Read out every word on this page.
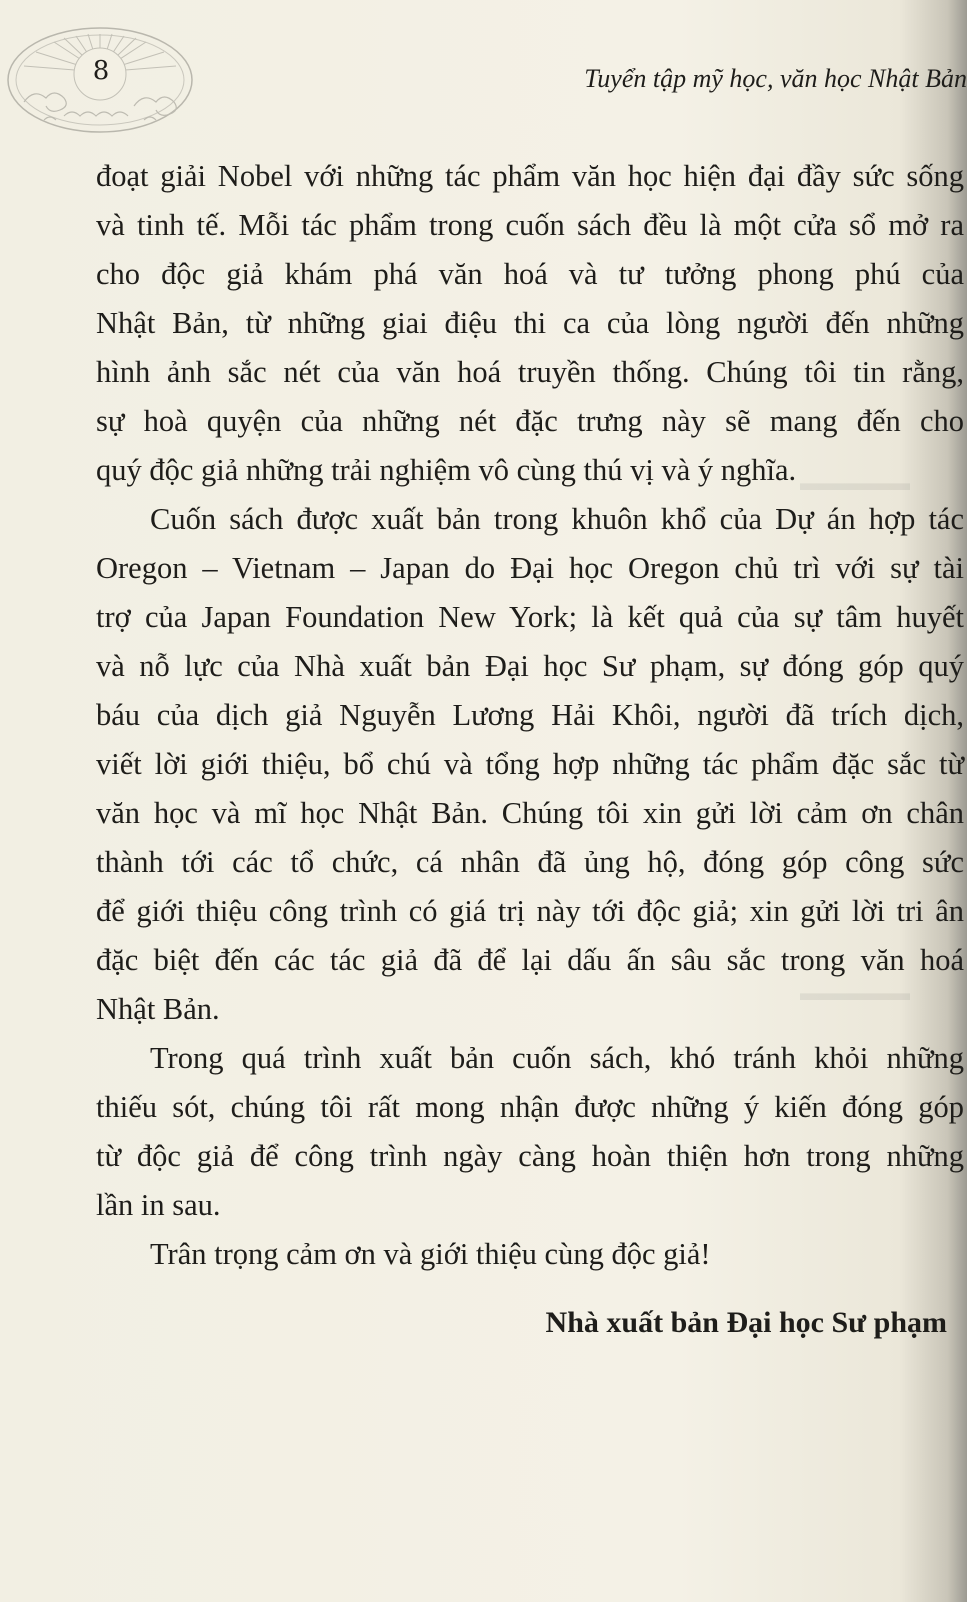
8	Tuyển tập mỹ học, văn học Nhật Bản
▬▬▬▬▬
▬▬▬▬▬
đoạt giải Nobel với những tác phẩm văn học hiện đại đầy sức sống
và tinh tế. Mỗi tác phẩm trong cuốn sách đều là một cửa sổ mở ra
cho độc giả khám phá văn hoá và tư tưởng phong phú của
Nhật Bản, từ những giai điệu thi ca của lòng người đến những
hình ảnh sắc nét của văn hoá truyền thống. Chúng tôi tin rằng,
sự hoà quyện của những nét đặc trưng này sẽ mang đến cho
quý độc giả những trải nghiệm vô cùng thú vị và ý nghĩa.
Cuốn sách được xuất bản trong khuôn khổ của Dự án hợp tác
Oregon – Vietnam – Japan do Đại học Oregon chủ trì với sự tài
trợ của Japan Foundation New York; là kết quả của sự tâm huyết
và nỗ lực của Nhà xuất bản Đại học Sư phạm, sự đóng góp quý
báu của dịch giả Nguyễn Lương Hải Khôi, người đã trích dịch,
viết lời giới thiệu, bổ chú và tổng hợp những tác phẩm đặc sắc từ
văn học và mĩ học Nhật Bản. Chúng tôi xin gửi lời cảm ơn chân
thành tới các tổ chức, cá nhân đã ủng hộ, đóng góp công sức
để giới thiệu công trình có giá trị này tới độc giả; xin gửi lời tri ân
đặc biệt đến các tác giả đã để lại dấu ấn sâu sắc trong văn hoá
Nhật Bản.
Trong quá trình xuất bản cuốn sách, khó tránh khỏi những
thiếu sót, chúng tôi rất mong nhận được những ý kiến đóng góp
từ độc giả để công trình ngày càng hoàn thiện hơn trong những
lần in sau.
Trân trọng cảm ơn và giới thiệu cùng độc giả!
Nhà xuất bản Đại học Sư phạm
